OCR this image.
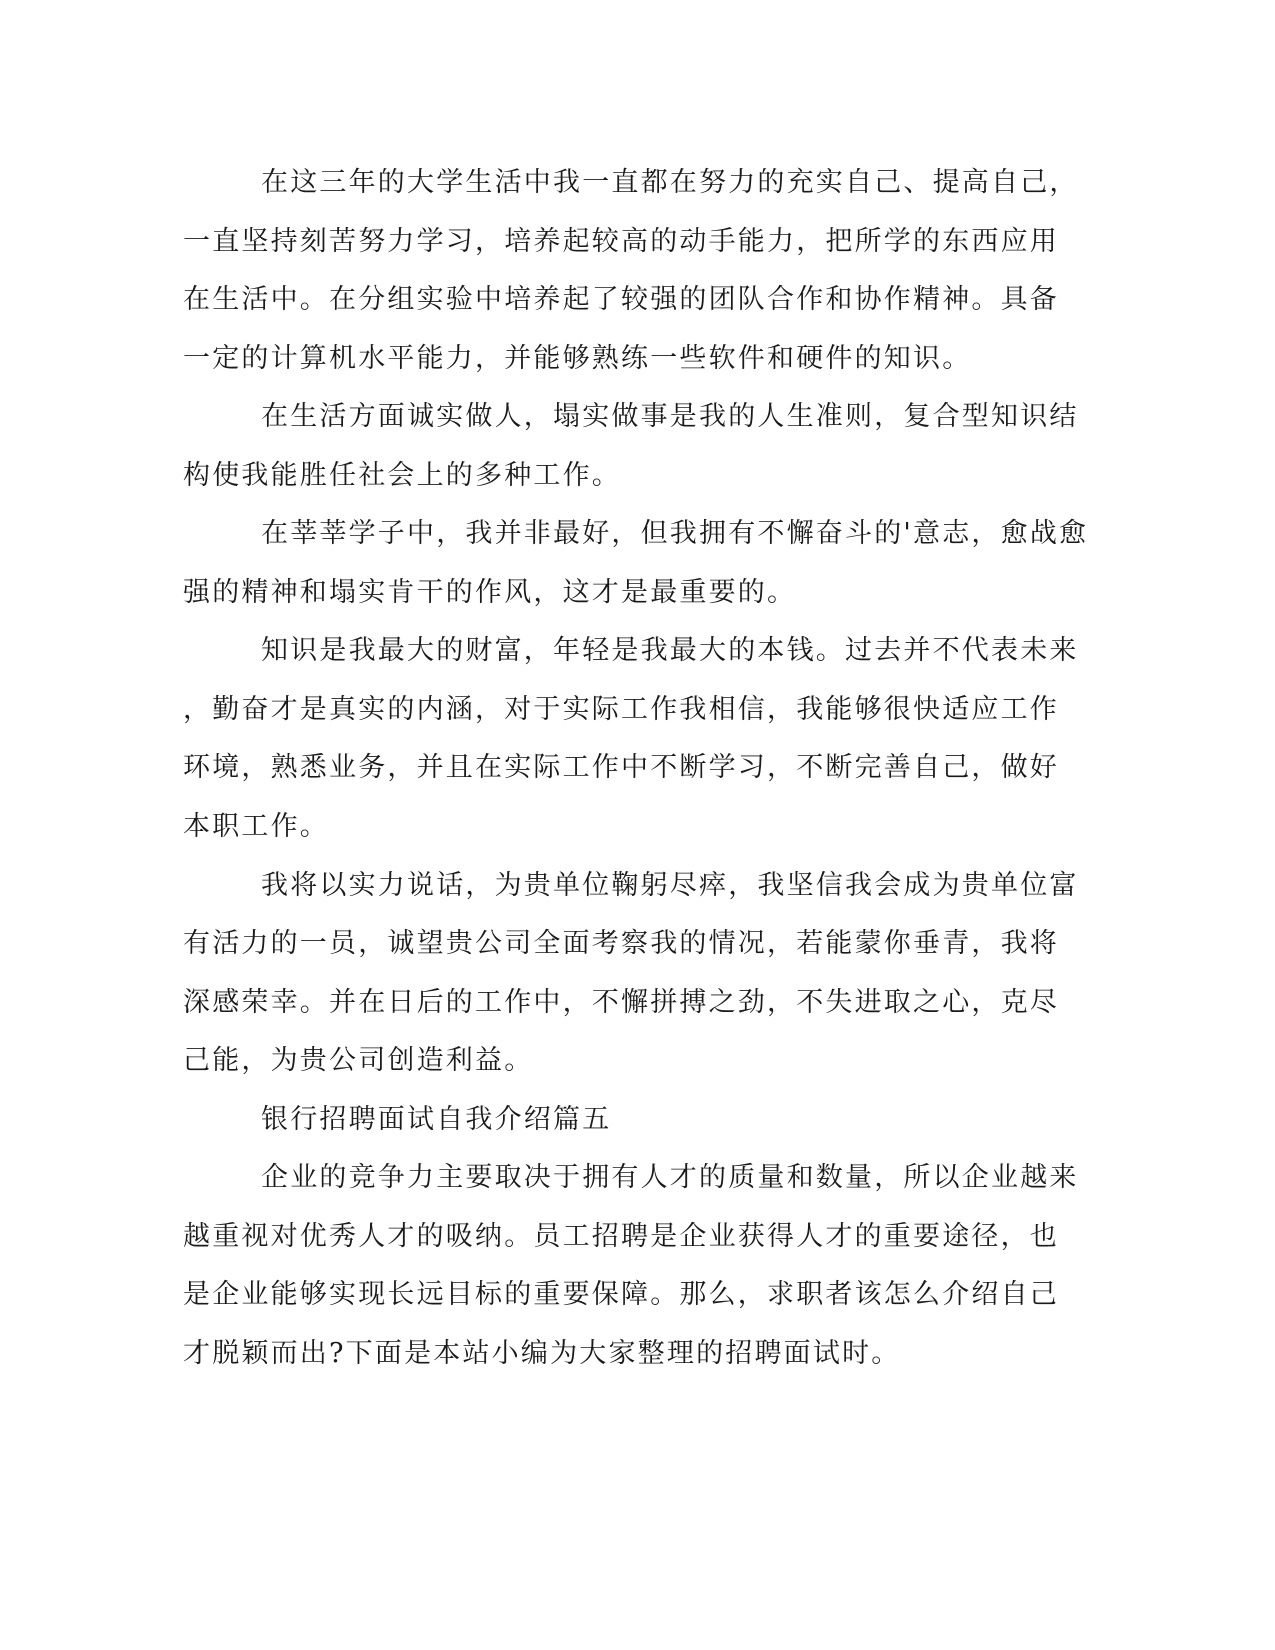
在这三年的大学生活中我一直都在努力的充实自己、提高自己，
一直坚持刻苦努力学习，培养起较高的动手能力，把所学的东西应用
在生活中。在分组实验中培养起了较强的团队合作和协作精神。具备
一定的计算机水平能力，并能够熟练一些软件和硬件的知识。
在生活方面诚实做人，塌实做事是我的人生准则，复合型知识结
构使我能胜任社会上的多种工作。
在莘莘学子中，我并非最好，但我拥有不懈奋斗的'意志，愈战愈
强的精神和塌实肯干的作风，这才是最重要的。
知识是我最大的财富，年轻是我最大的本钱。过去并不代表未来
，勤奋才是真实的内涵，对于实际工作我相信，我能够很快适应工作
环境，熟悉业务，并且在实际工作中不断学习，不断完善自己，做好
本职工作。
我将以实力说话，为贵单位鞠躬尽瘁，我坚信我会成为贵单位富
有活力的一员，诚望贵公司全面考察我的情况，若能蒙你垂青，我将
深感荣幸。并在日后的工作中，不懈拼搏之劲，不失进取之心，克尽
己能，为贵公司创造利益。
银行招聘面试自我介绍篇五
企业的竞争力主要取决于拥有人才的质量和数量，所以企业越来
越重视对优秀人才的吸纳。员工招聘是企业获得人才的重要途径，也
是企业能够实现长远目标的重要保障。那么，求职者该怎么介绍自己
才脱颖而出?下面是本站小编为大家整理的招聘面试时。
